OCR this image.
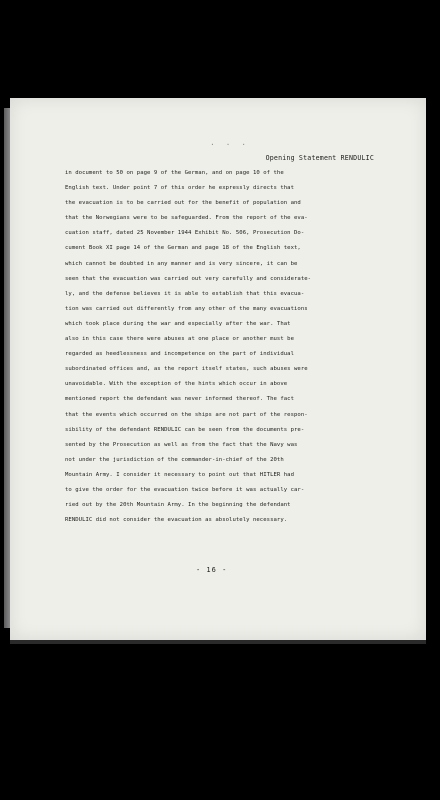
· · ·
Opening Statement RENDULIC
in document to 50 on page 9 of the German, and on page 10 of the
English text. Under point 7 of this order he expressly directs that
the evacuation is to be carried out for the benefit of population and
that the Norwegians were to be safeguarded. From the report of the eva-
cuation staff, dated 25 November 1944 Exhibit No. 506, Prosecution Do-
cument Book XI page 14 of the German and page 18 of the English text,
which cannot be doubted in any manner and is very sincere, it can be
seen that the evacuation was carried out very carefully and considerate-
ly, and the defense believes it is able to establish that this evacua-
tion was carried out differently from any other of the many evacuations
which took place during the war and especially after the war. That
also in this case there were abuses at one place or another must be
regarded as heedlessness and incompetence on the part of individual
subordinated offices and, as the report itself states, such abuses were
unavoidable. With the exception of the hints which occur in above
mentioned report the defendant was never informed thereof. The fact
that the events which occurred on the ships are not part of the respon-
sibility of the defendant RENDULIC can be seen from the documents pre-
sented by the Prosecution as well as from the fact that the Navy was
not under the jurisdiction of the commander-in-chief of the 20th
Mountain Army. I consider it necessary to point out that HITLER had
to give the order for the evacuation twice before it was actually car-
ried out by the 20th Mountain Army. In the beginning the defendant
RENDULIC did not consider the evacuation as absolutely necessary.
- 16 -
